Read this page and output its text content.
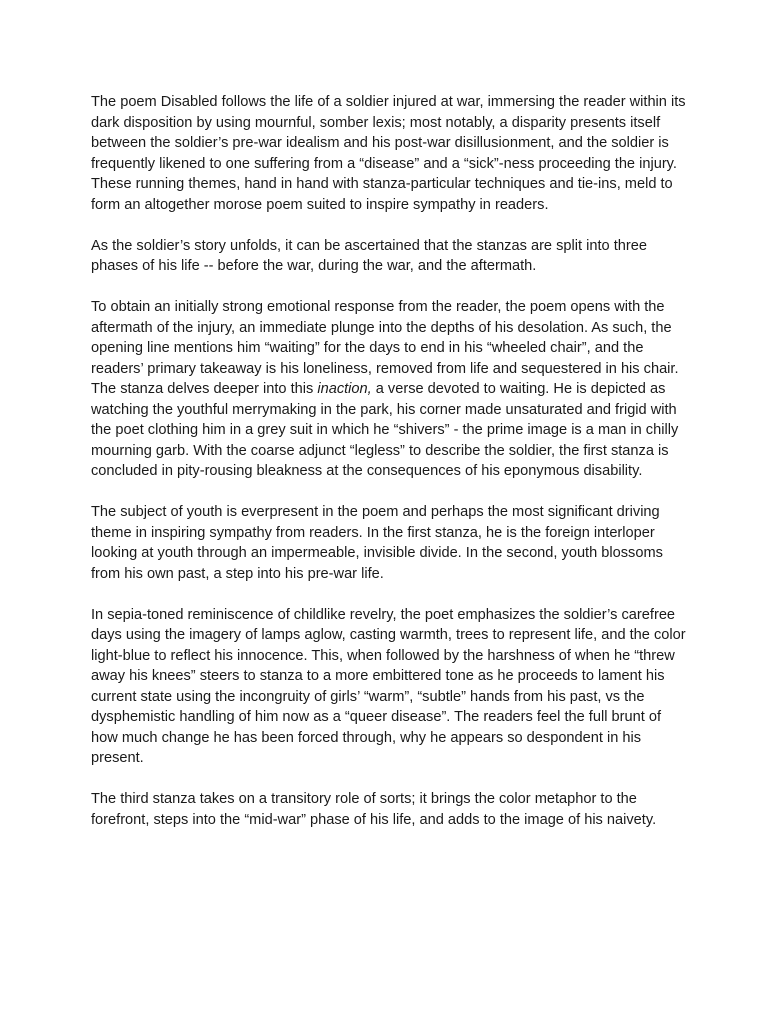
The poem Disabled follows the life of a soldier injured at war, immersing the reader within its dark disposition by using mournful, somber lexis; most notably, a disparity presents itself between the soldier’s pre-war idealism and his post-war disillusionment, and the soldier is frequently likened to one suffering from a “disease” and a “sick”-ness proceeding the injury. These running themes, hand in hand with stanza-particular techniques and tie-ins, meld to form an altogether morose poem suited to inspire sympathy in readers.

As the soldier’s story unfolds, it can be ascertained that the stanzas are split into three phases of his life -- before the war, during the war, and the aftermath.

To obtain an initially strong emotional response from the reader, the poem opens with the aftermath of the injury, an immediate plunge into the depths of his desolation. As such, the opening line mentions him “waiting” for the days to end in his “wheeled chair”, and the readers’ primary takeaway is his loneliness, removed from life and sequestered in his chair. The stanza delves deeper into this inaction, a verse devoted to waiting. He is depicted as watching the youthful merrymaking in the park, his corner made unsaturated and frigid with the poet clothing him in a grey suit in which he “shivers” - the prime image is a man in chilly mourning garb. With the coarse adjunct “legless” to describe the soldier, the first stanza is concluded in pity-rousing bleakness at the consequences of his eponymous disability.

The subject of youth is everpresent in the poem and perhaps the most significant driving theme in inspiring sympathy from readers. In the first stanza, he is the foreign interloper looking at youth through an impermeable, invisible divide. In the second, youth blossoms from his own past, a step into his pre-war life.

In sepia-toned reminiscence of childlike revelry, the poet emphasizes the soldier’s carefree days using the imagery of lamps aglow, casting warmth, trees to represent life, and the color light-blue to reflect his innocence. This, when followed by the harshness of when he “threw away his knees” steers to stanza to a more embittered tone as he proceeds to lament his current state using the incongruity of girls’ “warm”, “subtle” hands from his past, vs the dysphemistic handling of him now as a “queer disease”. The readers feel the full brunt of how much change he has been forced through, why he appears so despondent in his present.

The third stanza takes on a transitory role of sorts; it brings the color metaphor to the forefront, steps into the “mid-war” phase of his life, and adds to the image of his naivety.
